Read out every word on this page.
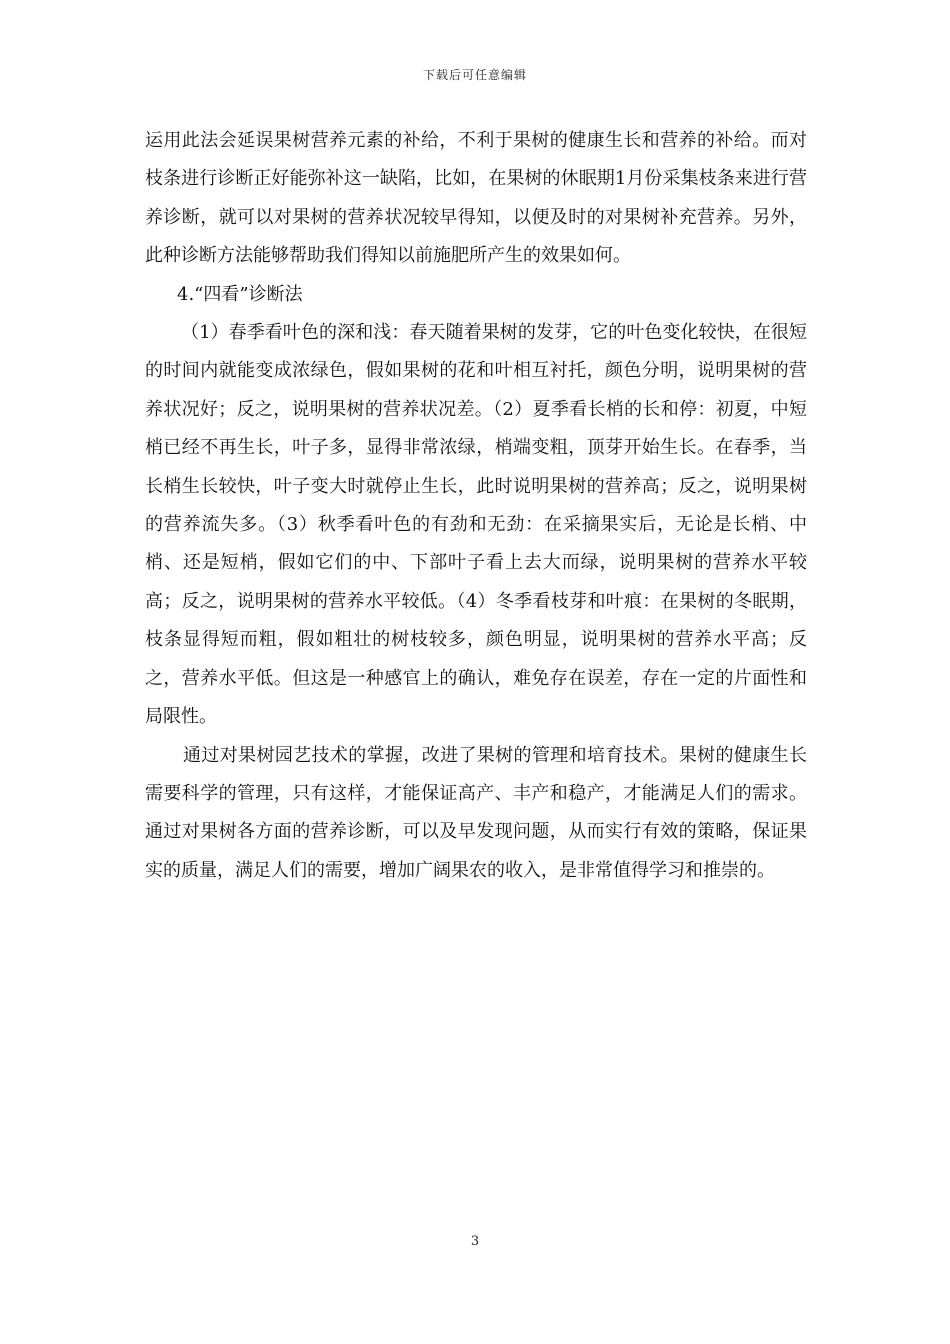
下载后可任意编辑

运用此法会延误果树营养元素的补给，不利于果树的健康生长和营养的补给。而对枝条进行诊断正好能弥补这一缺陷，比如，在果树的休眠期1月份采集枝条来进行营养诊断，就可以对果树的营养状况较早得知，以便及时的对果树补充营养。另外，此种诊断方法能够帮助我们得知以前施肥所产生的效果如何。

4.“四看”诊断法

（1）春季看叶色的深和浅：春天随着果树的发芽，它的叶色变化较快，在很短的时间内就能变成浓绿色，假如果树的花和叶相互衬托，颜色分明，说明果树的营养状况好；反之，说明果树的营养状况差。（2）夏季看长梢的长和停：初夏，中短梢已经不再生长，叶子多，显得非常浓绿，梢端变粗，顶芽开始生长。在春季，当长梢生长较快，叶子变大时就停止生长，此时说明果树的营养高；反之，说明果树的营养流失多。（3）秋季看叶色的有劲和无劲：在采摘果实后，无论是长梢、中梢、还是短梢，假如它们的中、下部叶子看上去大而绿，说明果树的营养水平较高；反之，说明果树的营养水平较低。（4）冬季看枝芽和叶痕：在果树的冬眠期，枝条显得短而粗，假如粗壮的树枝较多，颜色明显，说明果树的营养水平高；反之，营养水平低。但这是一种感官上的确认，难免存在误差，存在一定的片面性和局限性。

通过对果树园艺技术的掌握，改进了果树的管理和培育技术。果树的健康生长需要科学的管理，只有这样，才能保证高产、丰产和稳产，才能满足人们的需求。通过对果树各方面的营养诊断，可以及早发现问题，从而实行有效的策略，保证果实的质量，满足人们的需要，增加广阔果农的收入，是非常值得学习和推崇的。

3
